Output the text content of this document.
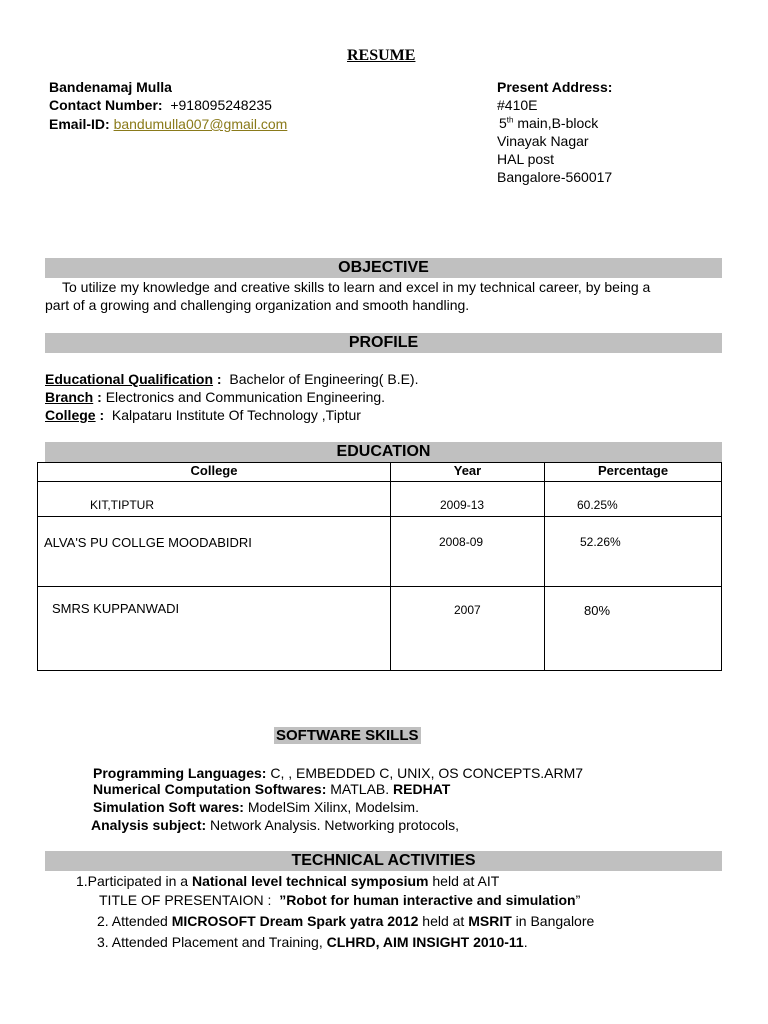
RESUME
Bandenamaj Mulla
Contact Number: +918095248235
Email-ID: bandumulla007@gmail.com
Present Address:
#410E
5th main,B-block
Vinayak Nagar
HAL post
Bangalore-560017
OBJECTIVE
To utilize my knowledge and creative skills to learn and excel in my technical career, by being a
part of a growing and challenging organization and smooth handling.
PROFILE
Educational Qualification : Bachelor of Engineering( B.E).
Branch : Electronics and Communication Engineering.
College : Kalpataru Institute Of Technology ,Tiptur
EDUCATION
College	Year	Percentage

KIT,TIPTUR	2009-13	60.25%

ALVA'S PU COLLGE MOODABIDRI	2008-09	52.26%

SMRS KUPPANWADI	2007	80%
SOFTWARE SKILLS
Programming Languages: C, , EMBEDDED C, UNIX, OS CONCEPTS.ARM7
Numerical Computation Softwares: MATLAB. REDHAT
Simulation Soft wares: ModelSim Xilinx, Modelsim.
Analysis subject: Network Analysis. Networking protocols,
TECHNICAL ACTIVITIES
1.Participated in a National level technical symposium held at AIT
TITLE OF PRESENTAION : ”Robot for human interactive and simulation”
2. Attended MICROSOFT Dream Spark yatra 2012 held at MSRIT in Bangalore
3. Attended Placement and Training, CLHRD, AIM INSIGHT 2010-11.
